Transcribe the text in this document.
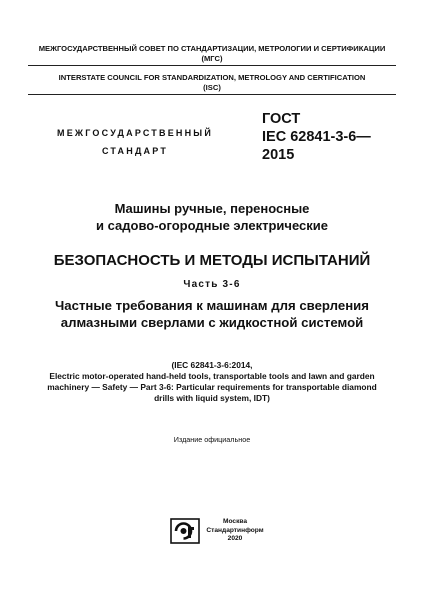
МЕЖГОСУДАРСТВЕННЫЙ СОВЕТ ПО СТАНДАРТИЗАЦИИ, МЕТРОЛОГИИ И СЕРТИФИКАЦИИ
(МГС)
INTERSTATE COUNCIL FOR STANDARDIZATION, METROLOGY AND CERTIFICATION
(ISC)
МЕЖГОСУДАРСТВЕННЫЙ
СТАНДАРТ
ГОСТ
IEC 62841-3-6—
2015
Машины ручные, переносные
и садово-огородные электрические
БЕЗОПАСНОСТЬ И МЕТОДЫ ИСПЫТАНИЙ
Часть 3-6
Частные требования к машинам для сверления
алмазными сверлами с жидкостной системой
(IEC 62841-3-6:2014,
Electric motor-operated hand-held tools, transportable tools and lawn and garden
machinery — Safety — Part 3-6: Particular requirements for transportable diamond
drills with liquid system, IDT)
Издание официальное
Москва
Стандартинформ
2020
